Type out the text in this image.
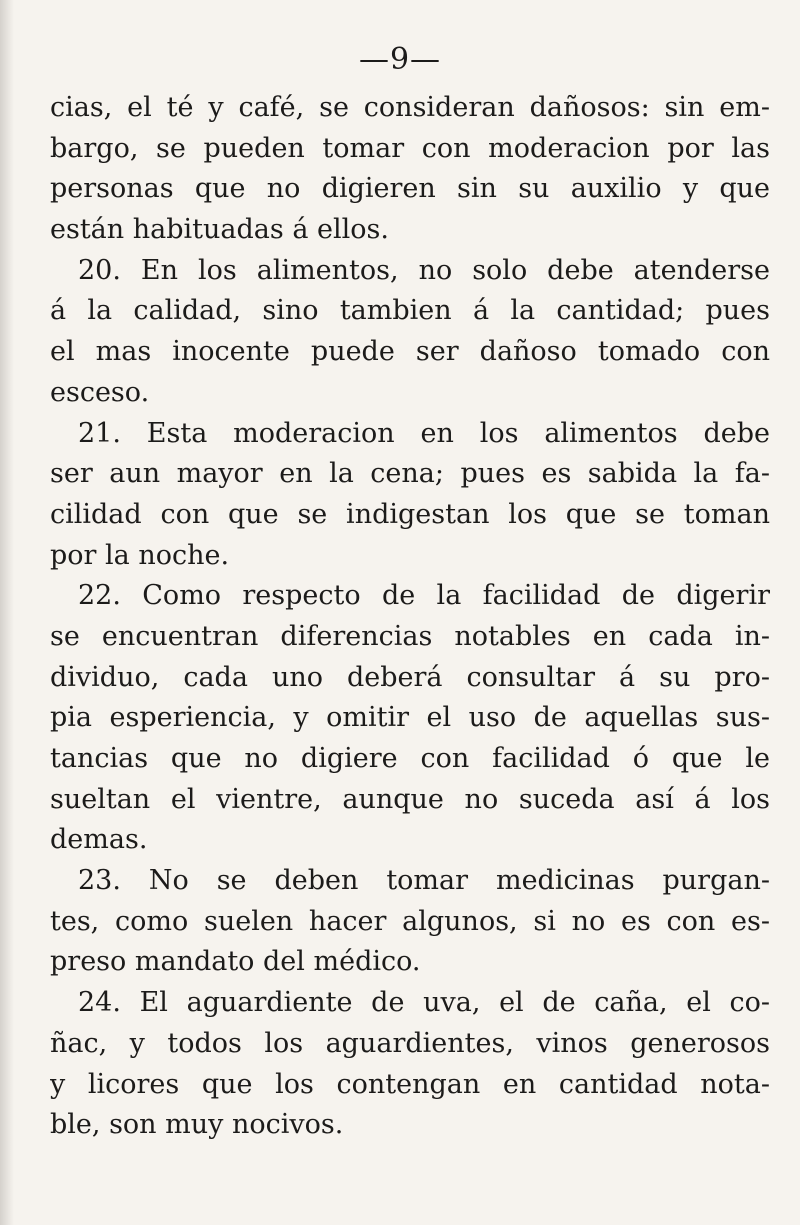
—9—
cias, el té y café, se consideran dañosos: sin em-
bargo, se pueden tomar con moderacion por las
personas que no digieren sin su auxilio y que
están habituadas á ellos.
20. En los alimentos, no solo debe atenderse
á la calidad, sino tambien á la cantidad; pues
el mas inocente puede ser dañoso tomado con
esceso.
21. Esta moderacion en los alimentos debe
ser aun mayor en la cena; pues es sabida la fa-
cilidad con que se indigestan los que se toman
por la noche.
22. Como respecto de la facilidad de digerir
se encuentran diferencias notables en cada in-
dividuo, cada uno deberá consultar á su pro-
pia esperiencia, y omitir el uso de aquellas sus-
tancias que no digiere con facilidad ó que le
sueltan el vientre, aunque no suceda así á los
demas.
23. No se deben tomar medicinas purgan-
tes, como suelen hacer algunos, si no es con es-
preso mandato del médico.
24. El aguardiente de uva, el de caña, el co-
ñac, y todos los aguardientes, vinos generosos
y licores que los contengan en cantidad nota-
ble, son muy nocivos.
